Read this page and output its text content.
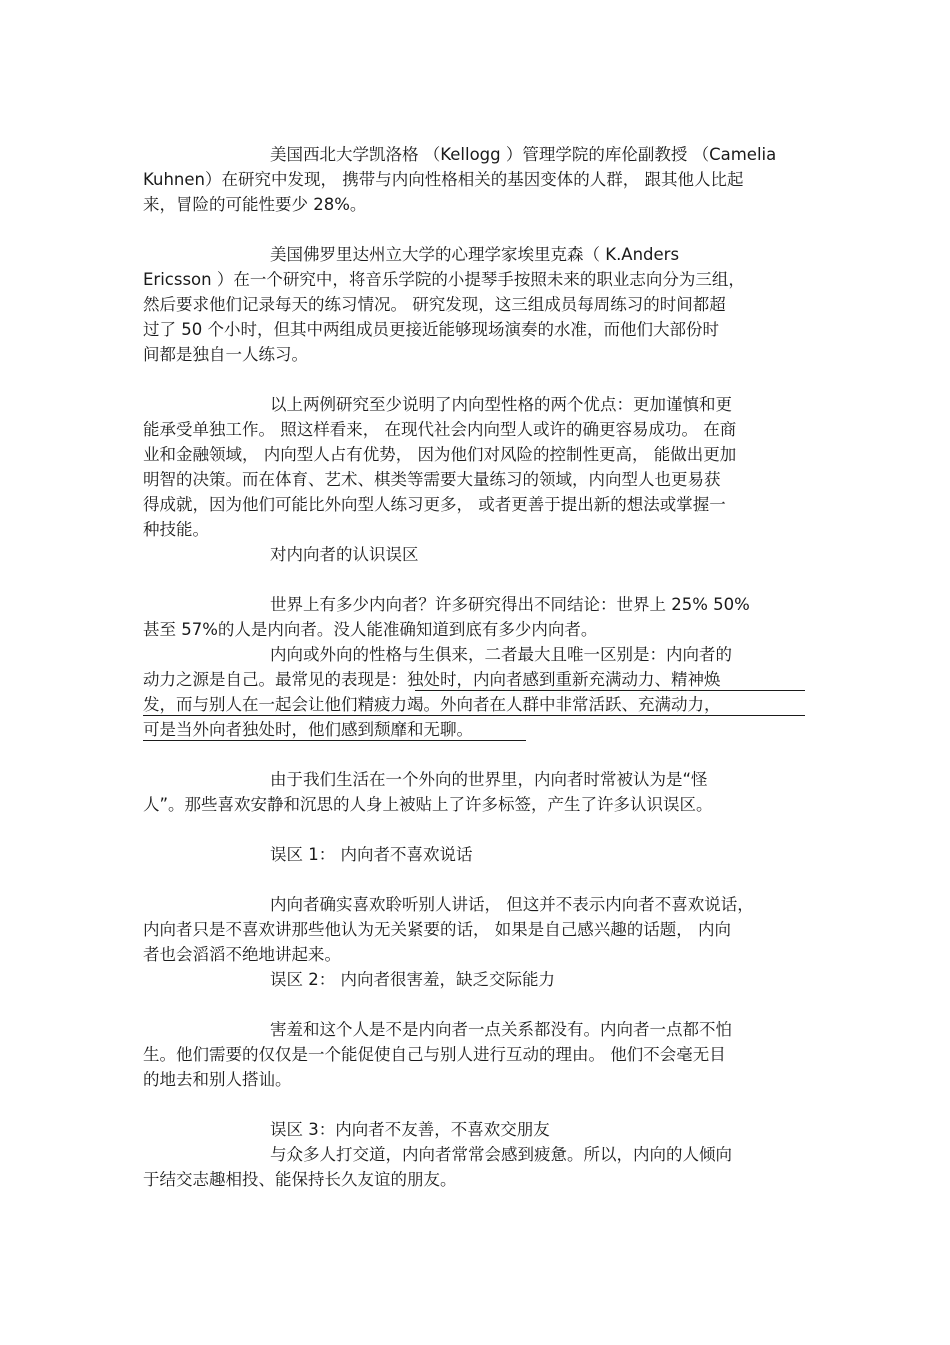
美国西北大学凯洛格 （Kellogg ）管理学院的库伦副教授 （Camelia
Kuhnen）在研究中发现， 携带与内向性格相关的基因变体的人群， 跟其他人比起
来，冒险的可能性要少 28%。
美国佛罗里达州立大学的心理学家埃里克森（ K.Anders
Ericsson ）在一个研究中，将音乐学院的小提琴手按照未来的职业志向分为三组，
然后要求他们记录每天的练习情况。 研究发现，这三组成员每周练习的时间都超
过了 50 个小时，但其中两组成员更接近能够现场演奏的水准，而他们大部份时
间都是独自一人练习。
以上两例研究至少说明了内向型性格的两个优点：更加谨慎和更
能承受单独工作。 照这样看来， 在现代社会内向型人或许的确更容易成功。 在商
业和金融领域， 内向型人占有优势， 因为他们对风险的控制性更高， 能做出更加
明智的决策。而在体育、艺术、棋类等需要大量练习的领域，内向型人也更易获
得成就，因为他们可能比外向型人练习更多， 或者更善于提出新的想法或掌握一
种技能。
对内向者的认识误区
世界上有多少内向者？许多研究得出不同结论：世界上 25% 50%
甚至 57%的人是内向者。没人能准确知道到底有多少内向者。
内向或外向的性格与生俱来，二者最大且唯一区别是：内向者的
动力之源是自己。最常见的表现是：独处时，内向者感到重新充满动力、精神焕
发，而与别人在一起会让他们精疲力竭。外向者在人群中非常活跃、充满动力，
可是当外向者独处时，他们感到颓靡和无聊。
由于我们生活在一个外向的世界里，内向者时常被认为是“怪
人”。那些喜欢安静和沉思的人身上被贴上了许多标签，产生了许多认识误区。
误区 1： 内向者不喜欢说话
内向者确实喜欢聆听别人讲话， 但这并不表示内向者不喜欢说话，
内向者只是不喜欢讲那些他认为无关紧要的话， 如果是自己感兴趣的话题， 内向
者也会滔滔不绝地讲起来。
误区 2： 内向者很害羞，缺乏交际能力
害羞和这个人是不是内向者一点关系都没有。内向者一点都不怕
生。他们需要的仅仅是一个能促使自己与别人进行互动的理由。 他们不会毫无目
的地去和别人搭讪。
误区 3：内向者不友善，不喜欢交朋友
与众多人打交道，内向者常常会感到疲惫。所以，内向的人倾向
于结交志趣相投、能保持长久友谊的朋友。
